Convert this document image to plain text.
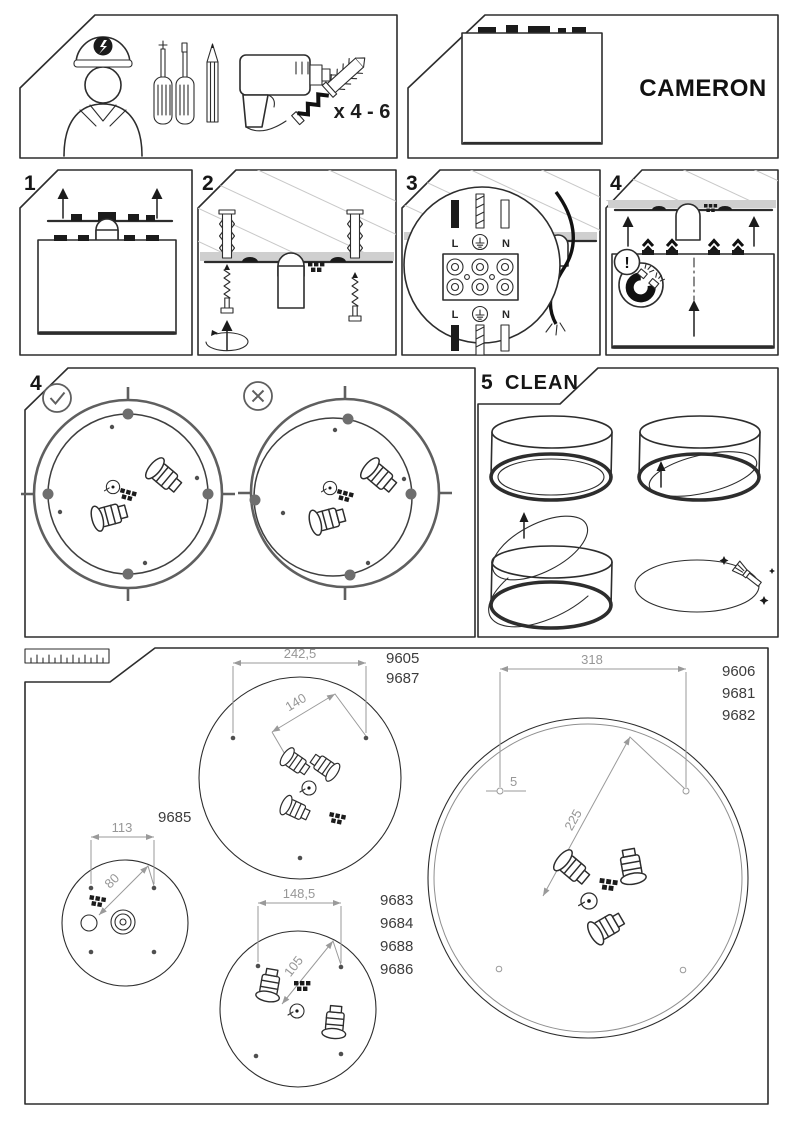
x 4 - 6
CAMERON
1	2
L	N
L	N
3
!
4
4	5 CLEAN
242,5
140
9605
9687
113
80
9685
148,5
105
9683
9684
9688
9686
318
5
225
9606
9681
9682
